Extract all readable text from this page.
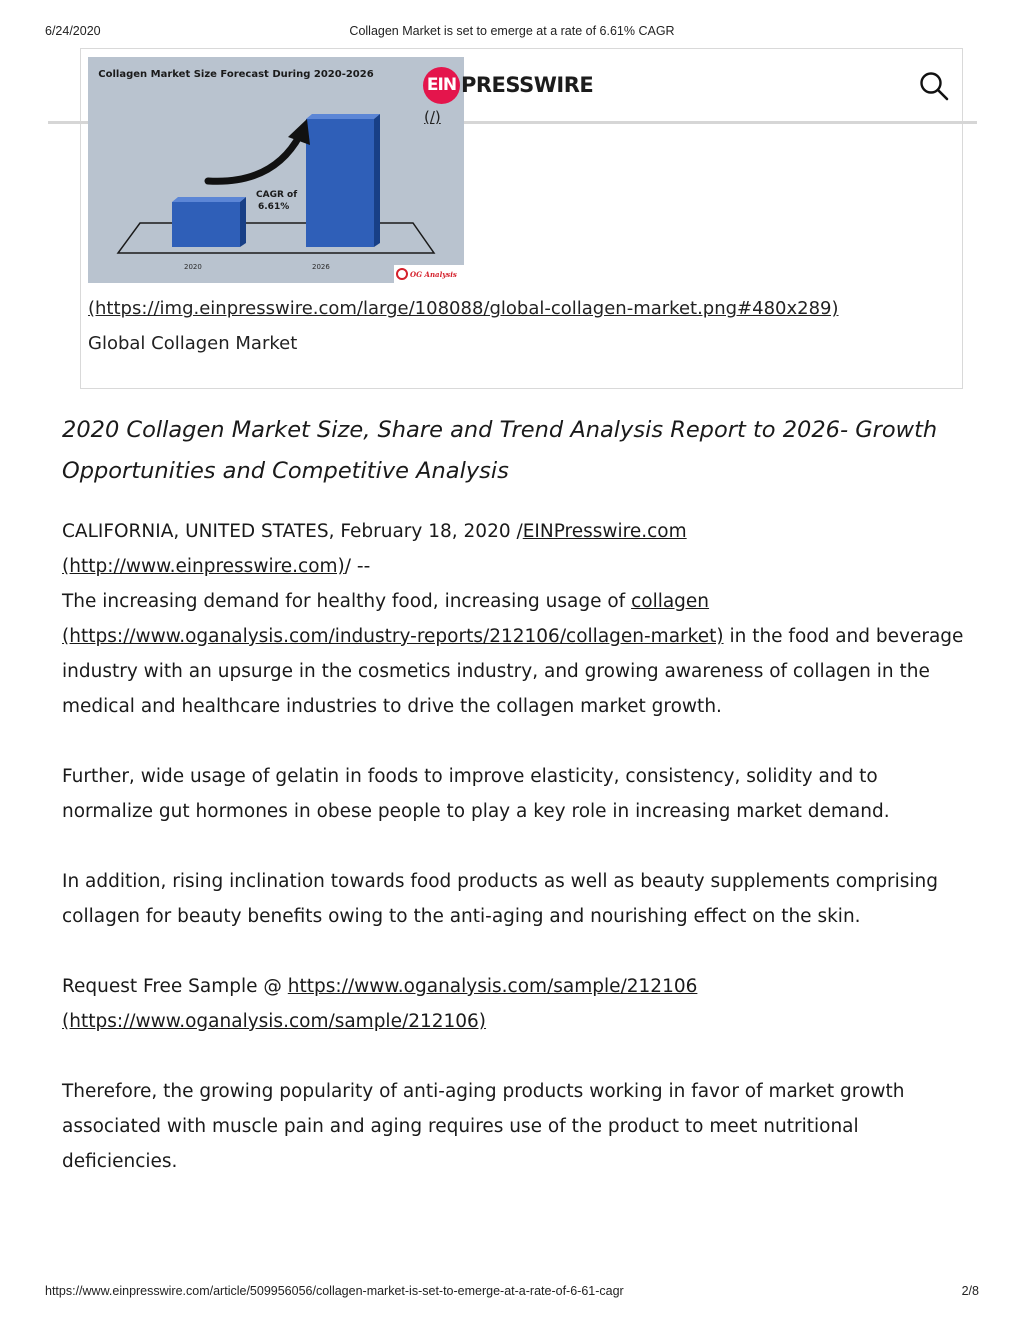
6/24/2020	Collagen Market is set to emerge at a rate of 6.61% CAGR
Collagen Market Size Forecast During 2020-2026
CAGR of
6.61%
2020	2026
OG Analysis
EIN PRESSWIRE
(/)
(https://img.einpresswire.com/large/108088/global-collagen-market.png#480x289)
Global Collagen Market
2020 Collagen Market Size, Share and Trend Analysis Report to 2026- Growth Opportunities and Competitive Analysis

CALIFORNIA, UNITED STATES, February 18, 2020 /EINPresswire.com
(http://www.einpresswire.com)/ --

The increasing demand for healthy food, increasing usage of collagen
(https://www.oganalysis.com/industry-reports/212106/collagen-market) in the food and beverage industry with an upsurge in the cosmetics industry, and growing awareness of collagen in the medical and healthcare industries to drive the collagen market growth.

Further, wide usage of gelatin in foods to improve elasticity, consistency, solidity and to normalize gut hormones in obese people to play a key role in increasing market demand.

In addition, rising inclination towards food products as well as beauty supplements comprising collagen for beauty benefits owing to the anti-aging and nourishing effect on the skin.

Request Free Sample @ https://www.oganalysis.com/sample/212106
(https://www.oganalysis.com/sample/212106)

Therefore, the growing popularity of anti-aging products working in favor of market growth associated with muscle pain and aging requires use of the product to meet nutritional deficiencies.

https://www.einpresswire.com/article/509956056/collagen-market-is-set-to-emerge-at-a-rate-of-6-61-cagr	2/8
